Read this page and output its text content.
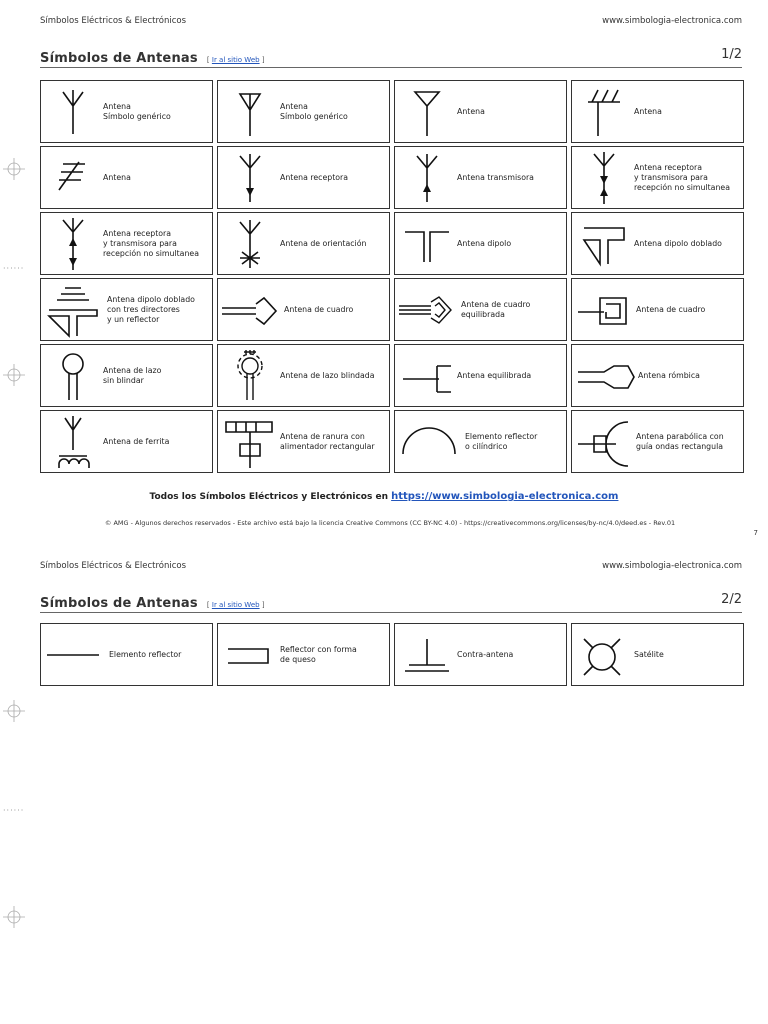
Símbolos Eléctricos & Electrónicos	www.simbologia-electronica.com
Símbolos de Antenas [ Ir al sitio Web ]	1/2
Antena
Símbolo genérico
Antena
Símbolo genérico
Antena	Antena
Antena	Antena receptora	Antena transmisora
Antena receptora
y transmisora para
recepción no simultanea
Antena receptora
y transmisora para
recepción no simultanea
Antena de orientación	Antena dipolo	Antena dipolo doblado
Antena dipolo doblado
con tres directores
y un reflector
Antena de cuadro
Antena de cuadro
equilibrada
Antena de cuadro
Antena de lazo
sin blindar
Antena de lazo blindada	Antena equilibrada	Antena rómbica
Antena de ferrita
Antena de ranura con
alimentador rectangular
Elemento reflector
o cilíndrico
Antena parabólica con
guía ondas rectangula
Todos los Símbolos Eléctricos y Electrónicos en https://www.simbologia-electronica.com
© AMG - Algunos derechos reservados - Este archivo está bajo la licencia Creative Commons (CC BY-NC 4.0) - https://creativecommons.org/licenses/by-nc/4.0/deed.es - Rev.01
7
Símbolos Eléctricos & Electrónicos	www.simbologia-electronica.com
Símbolos de Antenas [ Ir al sitio Web ]	2/2
Elemento reflector
Reflector con forma
de queso
Contra-antena	Satélite
······
······
